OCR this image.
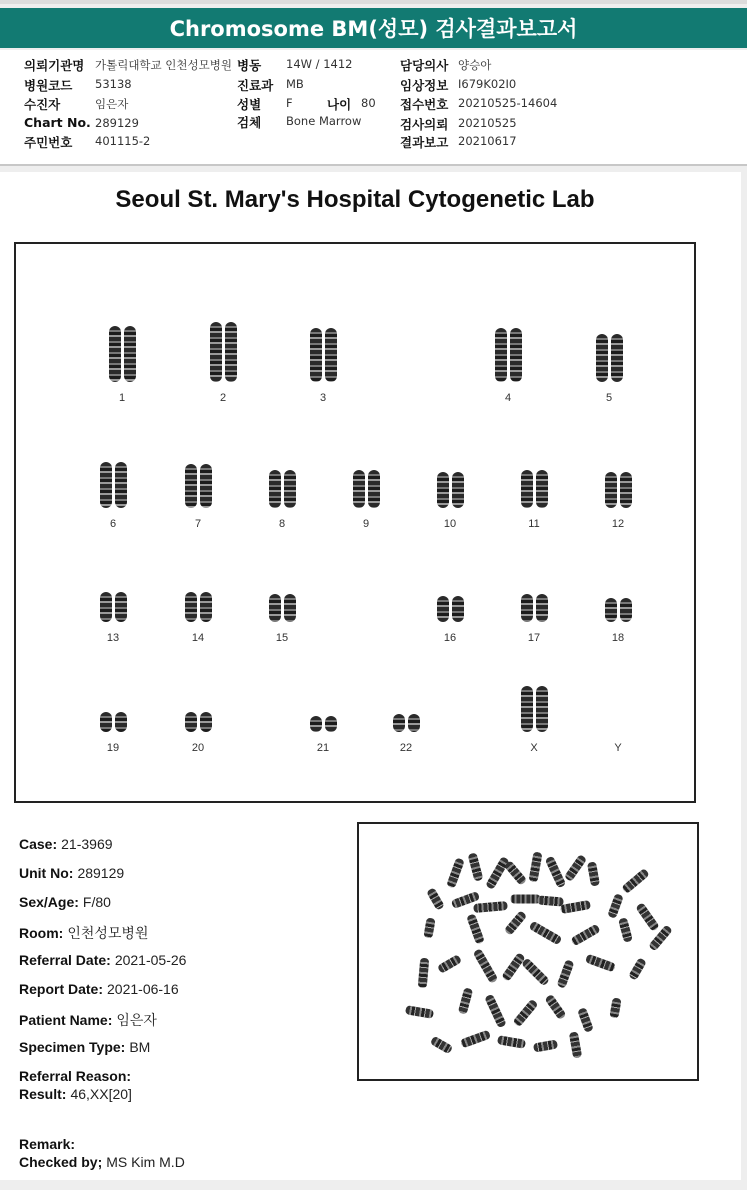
Chromosome BM(성모) 검사결과보고서
의뢰기관명 가톨릭대학교 인천성모병원
병원코드 53138
수진자	임은자
Chart No. 289129
주민번호 401115-2
병동 14W / 1412
진료과 MB
성별 F	나이 80
검체 Bone Marrow
담당의사 양승아
임상정보 I679K02I0
접수번호 20210525-14604
검사의뢰 20210525
결과보고 20210617
Seoul St. Mary's Hospital Cytogenetic Lab
1	2	3	4	5
6	7	8	9	10	11	12
13	14	15	16	17	18
19	20	21	22	X	Y
Case: 21-3969
Unit No: 289129
Sex/Age: F/80
Room: 인천성모병원
Referral Date: 2021-05-26
Report Date: 2021-06-16
Patient Name: 임은자
Specimen Type: BM
Referral Reason:
Result: 46,XX[20]
Remark:
Checked by; MS Kim M.D
